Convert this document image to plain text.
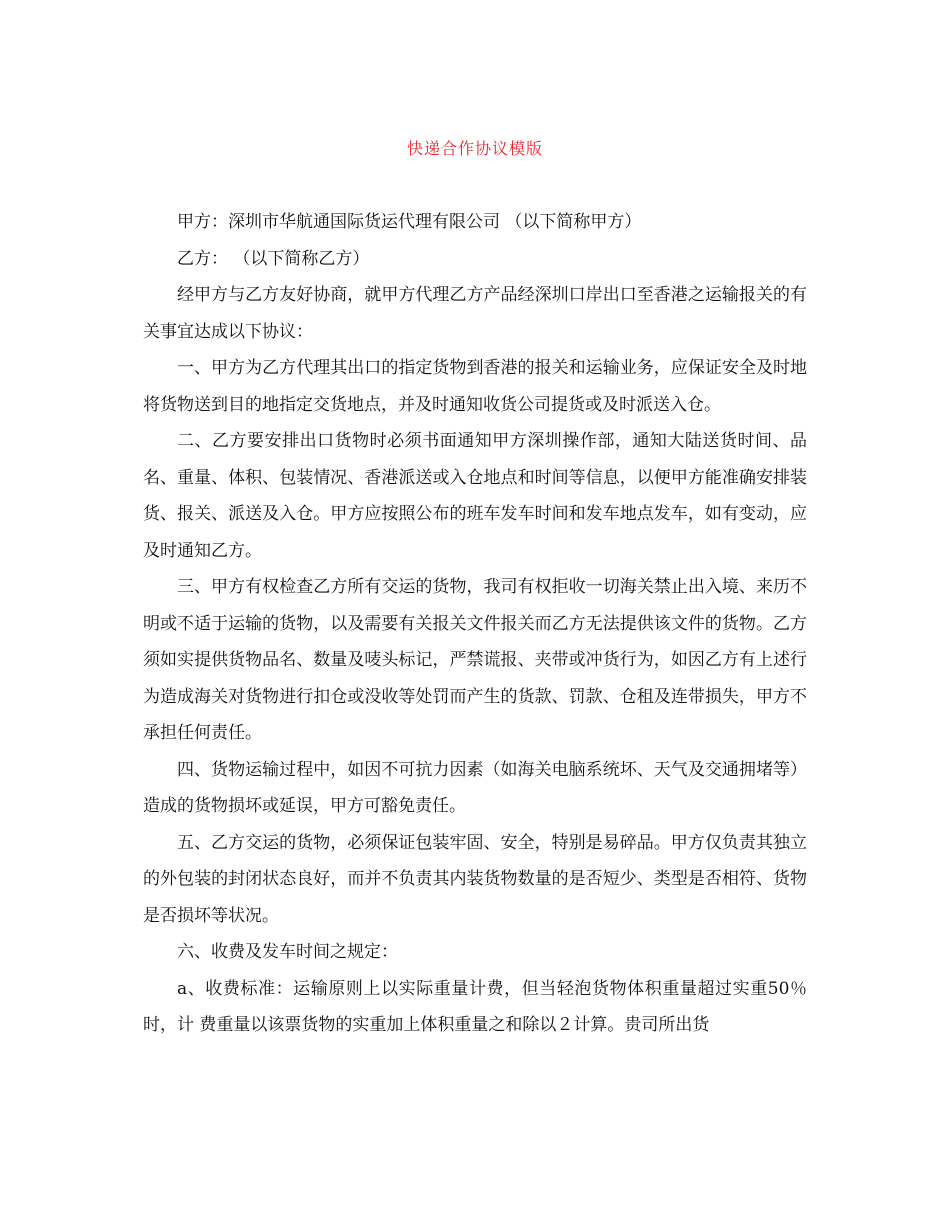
快递合作协议模版

甲方：深圳市华航通国际货运代理有限公司 （以下简称甲方）

乙方： （以下简称乙方）

经甲方与乙方友好协商，就甲方代理乙方产品经深圳口岸出口至香港之运输报关的有关事宜达成以下协议：

一、甲方为乙方代理其出口的指定货物到香港的报关和运输业务，应保证安全及时地将货物送到目的地指定交货地点，并及时通知收货公司提货或及时派送入仓。

二、乙方要安排出口货物时必须书面通知甲方深圳操作部，通知大陆送货时间、品名、重量、体积、包装情况、香港派送或入仓地点和时间等信息，以便甲方能准确安排装货、报关、派送及入仓。甲方应按照公布的班车发车时间和发车地点发车，如有变动，应及时通知乙方。

三、甲方有权检查乙方所有交运的货物，我司有权拒收一切海关禁止出入境、来历不明或不适于运输的货物，以及需要有关报关文件报关而乙方无法提供该文件的货物。乙方须如实提供货物品名、数量及唛头标记，严禁谎报、夹带或冲货行为，如因乙方有上述行为造成海关对货物进行扣仓或没收等处罚而产生的货款、罚款、仓租及连带损失，甲方不承担任何责任。

四、货物运输过程中，如因不可抗力因素（如海关电脑系统坏、天气及交通拥堵等）造成的货物损坏或延误，甲方可豁免责任。

五、乙方交运的货物，必须保证包装牢固、安全，特别是易碎品。甲方仅负责其独立的外包装的封闭状态良好，而并不负责其内装货物数量的是否短少、类型是否相符、货物是否损坏等状况。

六、收费及发车时间之规定：

a、收费标准：运输原则上以实际重量计费，但当轻泡货物体积重量超过实重50％时，计 费重量以该票货物的实重加上体积重量之和除以２计算。贵司所出货
